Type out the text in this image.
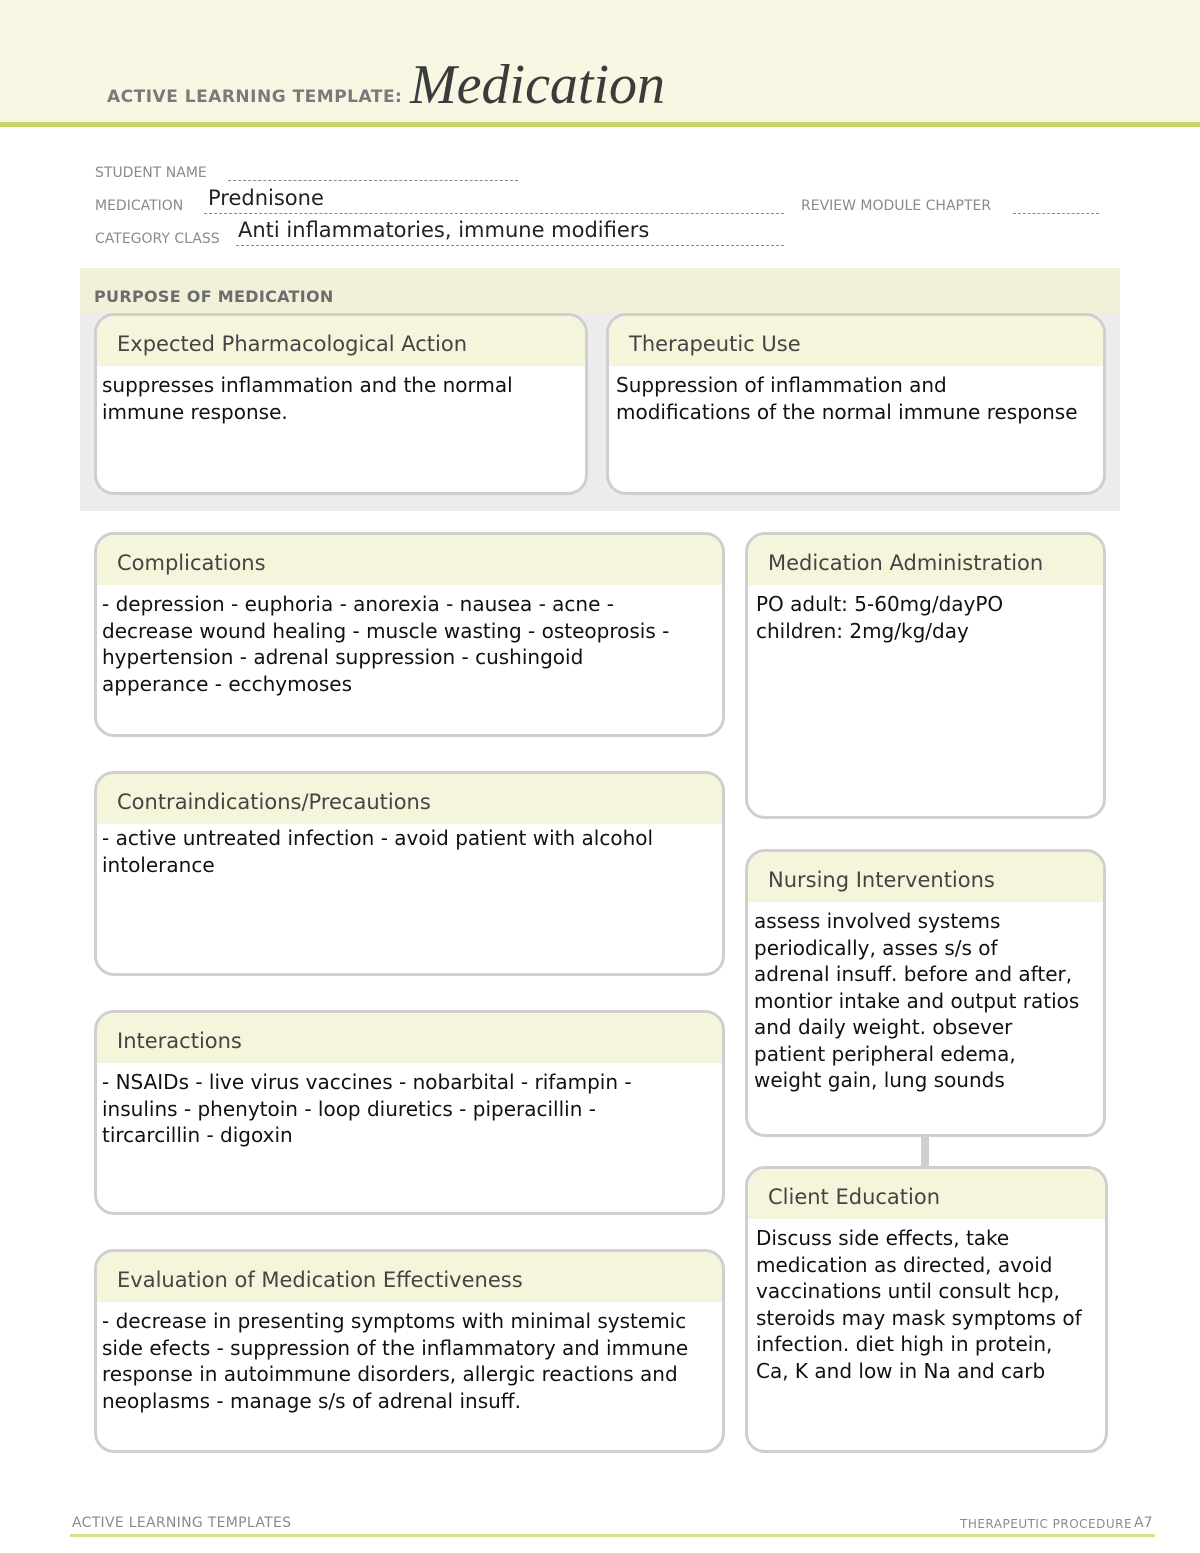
ACTIVE LEARNING TEMPLATE: Medication
STUDENT NAME
MEDICATION Prednisone	REVIEW MODULE CHAPTER
CATEGORY CLASS Anti inflammatories, immune modifiers
PURPOSE OF MEDICATION
Expected Pharmacological Action
suppresses inflammation and the normal
immune response.
Therapeutic Use
Suppression of inflammation and
modifications of the normal immune response
Complications
- depression - euphoria - anorexia - nausea - acne -
decrease wound healing - muscle wasting - osteoprosis -
hypertension - adrenal suppression - cushingoid
apperance - ecchymoses
Contraindications/Precautions
- active untreated infection - avoid patient with alcohol
intolerance
Interactions
- NSAIDs - live virus vaccines - nobarbital - rifampin -
insulins - phenytoin - loop diuretics - piperacillin -
tircarcillin - digoxin
Evaluation of Medication Effectiveness
- decrease in presenting symptoms with minimal systemic
side efects - suppression of the inflammatory and immune
response in autoimmune disorders, allergic reactions and
neoplasms - manage s/s of adrenal insuff.
Medication Administration
PO adult: 5-60mg/dayPO
children: 2mg/kg/day
Nursing Interventions
assess involved systems
periodically, asses s/s of
adrenal insuff. before and after,
montior intake and output ratios
and daily weight. obsever
patient peripheral edema,
weight gain, lung sounds
Client Education
Discuss side effects, take
medication as directed, avoid
vaccinations until consult hcp,
steroids may mask symptoms of
infection. diet high in protein,
Ca, K and low in Na and carb
ACTIVE LEARNING TEMPLATES	THERAPEUTIC PROCEDURE A7
